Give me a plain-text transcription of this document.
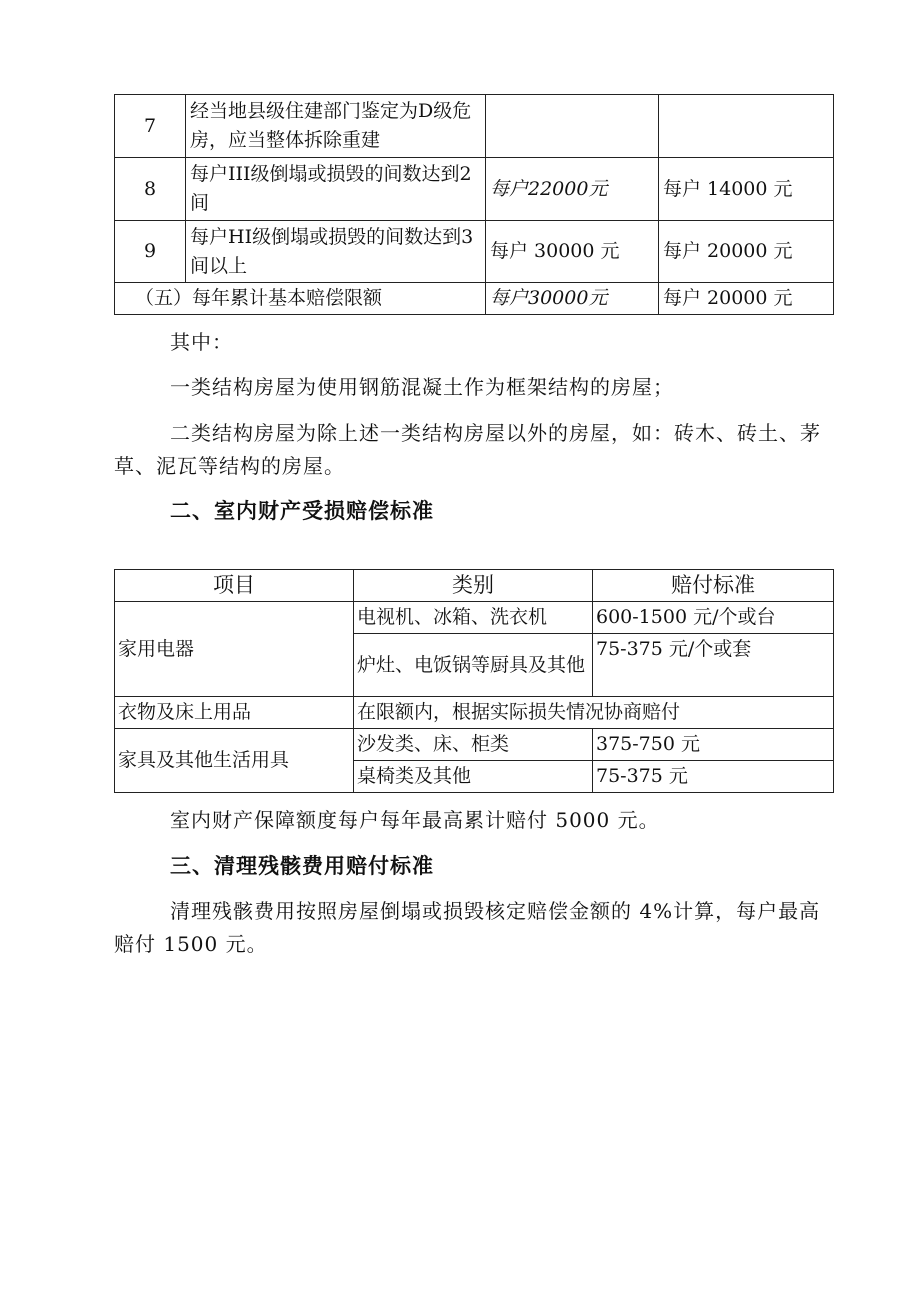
7	经当地县级住建部门鉴定为D级危房，应当整体拆除重建		
8	每户III级倒塌或损毁的间数达到2间	每户22000元	每户 14000 元
9	每户HI级倒塌或损毁的间数达到3间以上	每户 30000 元	每户 20000 元
（五）每年累计基本赔偿限额		每户30000元	每户 20000 元

其中：

一类结构房屋为使用钢筋混凝土作为框架结构的房屋；

二类结构房屋为除上述一类结构房屋以外的房屋，如：砖木、砖土、茅草、泥瓦等结构的房屋。

二、室内财产受损赔偿标准

项目	类别	赔付标准
家用电器	电视机、冰箱、洗衣机	600-1500 元/个或台
	炉灶、电饭锅等厨具及其他	75-375 元/个或套
衣物及床上用品	在限额内，根据实际损失情况协商赔付	
家具及其他生活用具	沙发类、床、柜类	375-750 元
	桌椅类及其他	75-375 元

室内财产保障额度每户每年最高累计赔付 5000 元。

三、清理残骸费用赔付标准

清理残骸费用按照房屋倒塌或损毁核定赔偿金额的 4%计算，每户最高赔付 1500 元。
